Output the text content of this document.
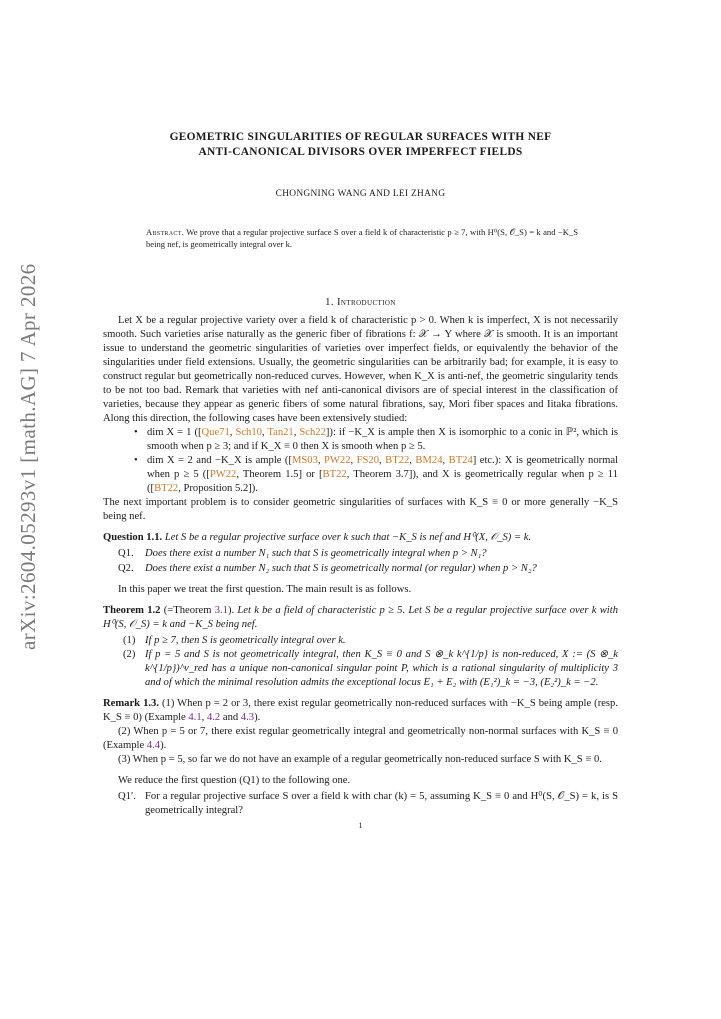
arXiv:2604.05293v1 [math.AG] 7 Apr 2026
GEOMETRIC SINGULARITIES OF REGULAR SURFACES WITH NEF
ANTI-CANONICAL DIVISORS OVER IMPERFECT FIELDS
CHONGNING WANG AND LEI ZHANG

Abstract. We prove that a regular projective surface S over a field k of characteristic p ≥ 7, with H⁰(S, 𝒪_S) = k and −K_S being nef, is geometrically integral over k.

1. Introduction

Let X be a regular projective variety over a field k of characteristic p > 0. When k is imperfect, X is not necessarily smooth. Such varieties arise naturally as the generic fiber of fibrations f: 𝒳 → Y where 𝒳 is smooth. It is an important issue to understand the geometric singularities of varieties over imperfect fields, or equivalently the behavior of the singularities under field extensions. Usually, the geometric singularities can be arbitrarily bad; for example, it is easy to construct regular but geometrically non-reduced curves. However, when K_X is anti-nef, the geometric singularity tends to be not too bad. Remark that varieties with nef anti-canonical divisors are of special interest in the classification of varieties, because they appear as generic fibers of some natural fibrations, say, Mori fiber spaces and Iitaka fibrations. Along this direction, the following cases have been extensively studied:

• dim X = 1 ([Que71, Sch10, Tan21, Sch22]): if −K_X is ample then X is isomorphic to a conic in ℙ², which is smooth when p ≥ 3; and if K_X ≡ 0 then X is smooth when p ≥ 5.
• dim X = 2 and −K_X is ample ([MS03, PW22, FS20, BT22, BM24, BT24] etc.): X is geometrically normal when p ≥ 5 ([PW22, Theorem 1.5] or [BT22, Theorem 3.7]), and X is geometrically regular when p ≥ 11 ([BT22, Proposition 5.2]).

The next important problem is to consider geometric singularities of surfaces with K_S ≡ 0 or more generally −K_S being nef.

Question 1.1. Let S be a regular projective surface over k such that −K_S is nef and H⁰(X, 𝒪_S) = k.

Q1. Does there exist a number N₁ such that S is geometrically integral when p > N₁?
Q2. Does there exist a number N₂ such that S is geometrically normal (or regular) when p > N₂?

In this paper we treat the first question. The main result is as follows.

Theorem 1.2 (=Theorem 3.1). Let k be a field of characteristic p ≥ 5. Let S be a regular projective surface over k with H⁰(S, 𝒪_S) = k and −K_S being nef.

(1) If p ≥ 7, then S is geometrically integral over k.
(2) If p = 5 and S is not geometrically integral, then K_S ≡ 0 and S ⊗_k k^{1/p} is non-reduced, X := (S ⊗_k k^{1/p})^ν_red has a unique non-canonical singular point P, which is a rational singularity of multiplicity 3 and of which the minimal resolution admits the exceptional locus E₁ + E₂ with (E₁²)_k = −3, (E₂²)_k = −2.

Remark 1.3. (1) When p = 2 or 3, there exist regular geometrically non-reduced surfaces with −K_S being ample (resp. K_S ≡ 0) (Example 4.1, 4.2 and 4.3).

(2) When p = 5 or 7, there exist regular geometrically integral and geometrically non-normal surfaces with K_S ≡ 0 (Example 4.4).

(3) When p = 5, so far we do not have an example of a regular geometrically non-reduced surface S with K_S ≡ 0.

We reduce the first question (Q1) to the following one.

Q1′. For a regular projective surface S over a field k with char (k) = 5, assuming K_S ≡ 0 and H⁰(S, 𝒪_S) = k, is S geometrically integral?
1
